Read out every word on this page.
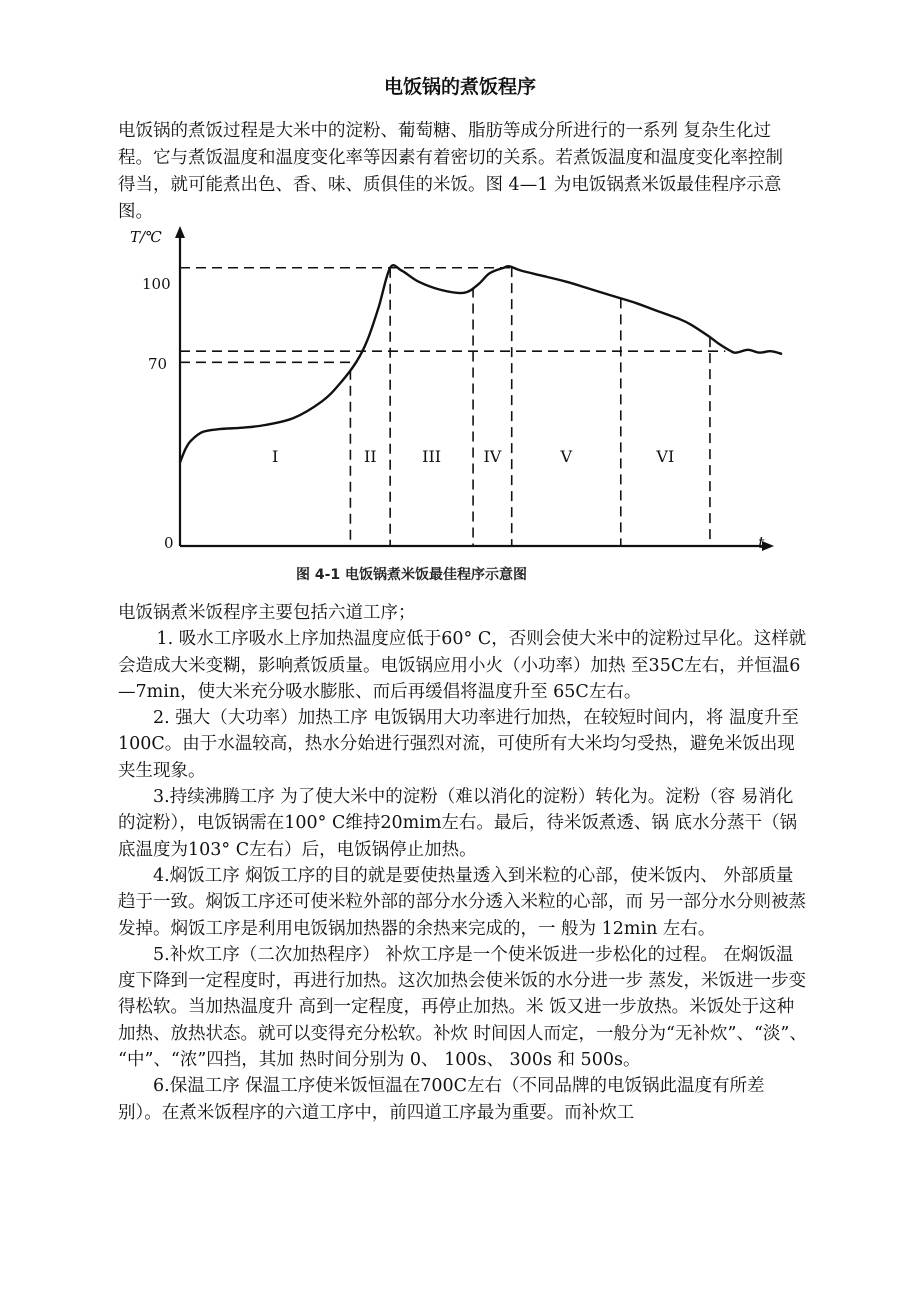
电饭锅的煮饭程序

电饭锅的煮饭过程是大米中的淀粉、葡萄糖、脂肪等成分所进行的一系列 复杂生化过程。它与煮饭温度和温度变化率等因素有着密切的关系。若煮饭温度和温度变化率控制得当，就可能煮出色、香、味、质俱佳的米饭。图 4—1 为电饭锅煮米饭最佳程序示意图。

T/℃
t
100
70
0
I	II	III	IV	V	VI
图 4-1 电饭锅煮米饭最佳程序示意图

电饭锅煮米饭程序主要包括六道工序；

1. 吸水工序吸水上序加热温度应低于60° C，否则会使大米中的淀粉过早化。这样就会造成大米变糊，影响煮饭质量。电饭锅应用小火（小功率）加热 至35C左右，并恒温6—7min，使大米充分吸水膨胀、而后再缓倡将温度升至 65C左右。

2. 强大（大功率）加热工序 电饭锅用大功率进行加热，在较短时间内，将 温度升至100C。由于水温较高，热水分始进行强烈对流，可使所有大米均匀受热，避免米饭出现夹生现象。

3.持续沸腾工序 为了使大米中的淀粉（难以消化的淀粉）转化为。淀粉（容 易消化的淀粉），电饭锅需在100° C维持20mim左右。最后，待米饭煮透、锅 底水分蒸干（锅底温度为103° C左右）后，电饭锅停止加热。

4.焖饭工序 焖饭工序的目的就是要使热量透入到米粒的心部，使米饭内、 外部质量趋于一致。焖饭工序还可使米粒外部的部分水分透入米粒的心部，而 另一部分水分则被蒸发掉。焖饭工序是利用电饭锅加热器的余热来完成的，一 般为 12min 左右。

5.补炊工序（二次加热程序） 补炊工序是一个使米饭进一步松化的过程。 在焖饭温度下降到一定程度时，再进行加热。这次加热会使米饭的水分进一步 蒸发，米饭进一步变得松软。当加热温度升 高到一定程度，再停止加热。米 饭又进一步放热。米饭处于这种加热、放热状态。就可以变得充分松软。补炊 时间因人而定，一般分为“无补炊”、“淡”、 “中”、“浓”四挡，其加 热时间分别为 0、 100s、 300s 和 500s。

6.保温工序 保温工序使米饭恒温在700C左右（不同品牌的电饭锅此温度有所差别）。在煮米饭程序的六道工序中，前四道工序最为重要。而补炊工
